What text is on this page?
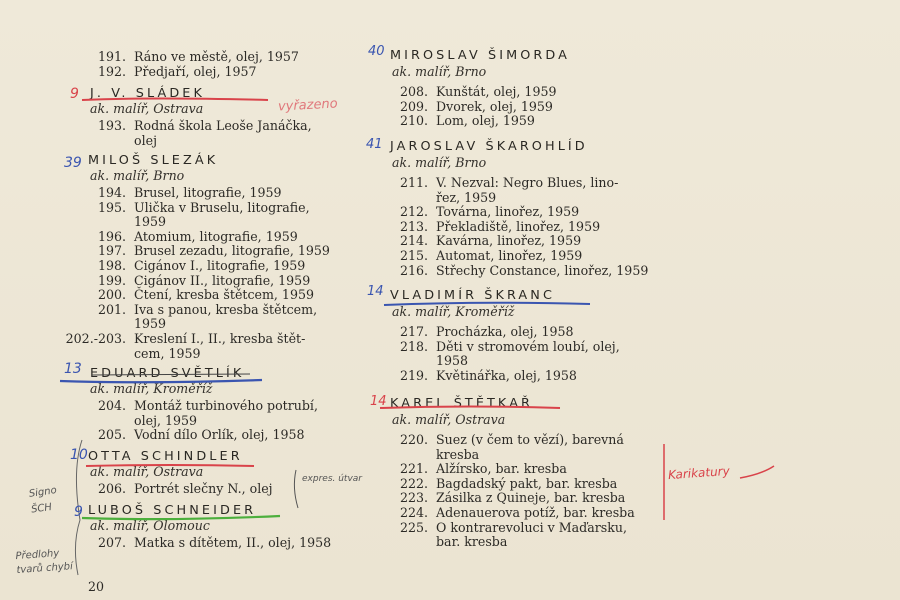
191. Ráno ve městě, olej, 1957
192. Předjaří, olej, 1957
J. V. SLÁDEK
ak. malíř, Ostrava
193. Rodná škola Leoše Janáčka,
olej
MILOŠ SLEZÁK
ak. malíř, Brno
194. Brusel, litografie, 1959
195. Ulička v Bruselu, litografie,
1959
196. Atomium, litografie, 1959
197. Brusel zezadu, litografie, 1959
198. Cigánov I., litografie, 1959
199. Cigánov II., litografie, 1959
200. Čtení, kresba štětcem, 1959
201. Iva s panou, kresba štětcem,
1959
202.-203. Kreslení I., II., kresba štět-
cem, 1959
EDUARD SVĚTLÍK
ak. malíř, Kroměříž
204. Montáž turbinového potrubí,
olej, 1959
205. Vodní dílo Orlík, olej, 1958
OTTA SCHINDLER
ak. malíř, Ostrava
206. Portrét slečny N., olej
LUBOŠ SCHNEIDER
ak. malíř, Olomouc
207. Matka s dítětem, II., olej, 1958
MIROSLAV ŠIMORDA
ak. malíř, Brno
208. Kunštát, olej, 1959
209. Dvorek, olej, 1959
210. Lom, olej, 1959
JAROSLAV ŠKAROHLÍD
ak. malíř, Brno
211. V. Nezval: Negro Blues, lino-
řez, 1959
212. Továrna, linořez, 1959
213. Překladiště, linořez, 1959
214. Kavárna, linořez, 1959
215. Automat, linořez, 1959
216. Střechy Constance, linořez, 1959
VLADIMÍR ŠKRANC
ak. malíř, Kroměříž
217. Procházka, olej, 1958
218. Děti v stromovém loubí, olej,
1958
219. Květinářka, olej, 1958
KAREL ŠTĚTKAŘ
ak. malíř, Ostrava
220. Suez (v čem to vězí), barevná
kresba
221. Alžírsko, bar. kresba
222. Bagdadský pakt, bar. kresba
223. Zásilka z Quineje, bar. kresba
224. Adenauerova potíž, bar. kresba
225. O kontrarevoluci v Maďarsku,
bar. kresba
20
9
39
13
10
9
40
41
14
14
vyřazeno
expres. útvar
Signo ŠCH
Předlohy tvarů chybí
Karikatury
